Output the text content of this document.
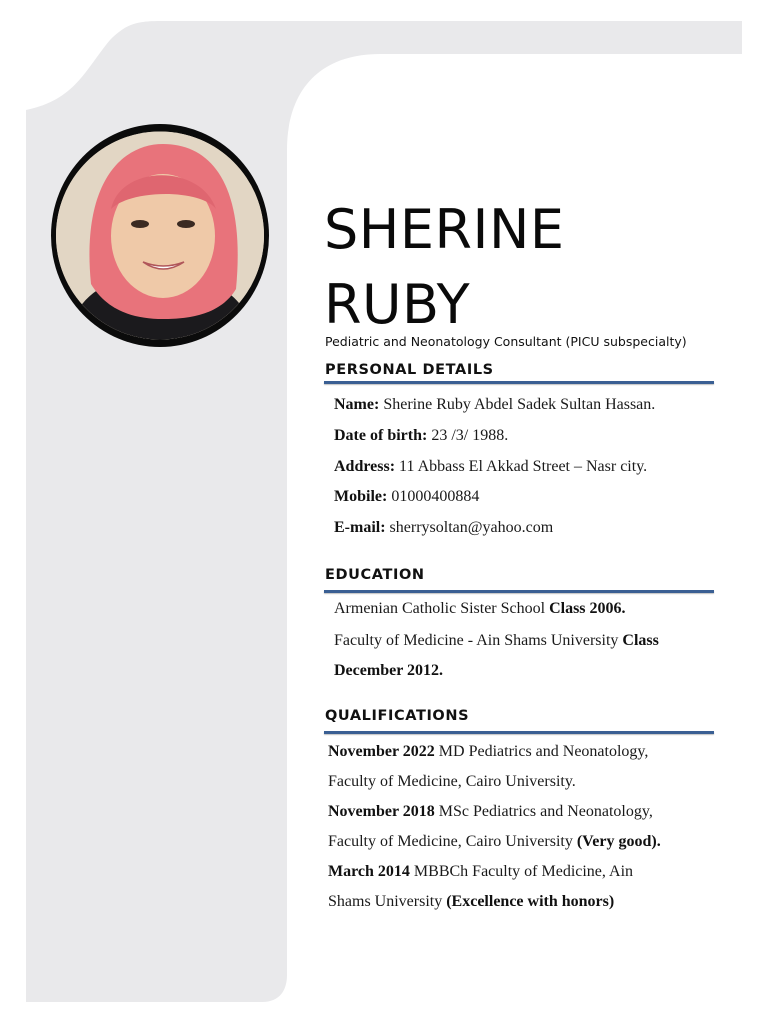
SHERINE
RUBY
Pediatric and Neonatology Consultant (PICU subspecialty)
PERSONAL DETAILS
Name: Sherine Ruby Abdel Sadek Sultan Hassan.
Date of birth: 23 /3/ 1988.
Address: 11 Abbass El Akkad Street – Nasr city.
Mobile: 01000400884
E-mail: sherrysoltan@yahoo.com
EDUCATION
Armenian Catholic Sister School Class 2006.
Faculty of Medicine - Ain Shams University Class
December 2012.
QUALIFICATIONS
November 2022 MD Pediatrics and Neonatology,
Faculty of Medicine, Cairo University.
November 2018 MSc Pediatrics and Neonatology,
Faculty of Medicine, Cairo University (Very good).
March 2014 MBBCh Faculty of Medicine, Ain
Shams University (Excellence with honors)
